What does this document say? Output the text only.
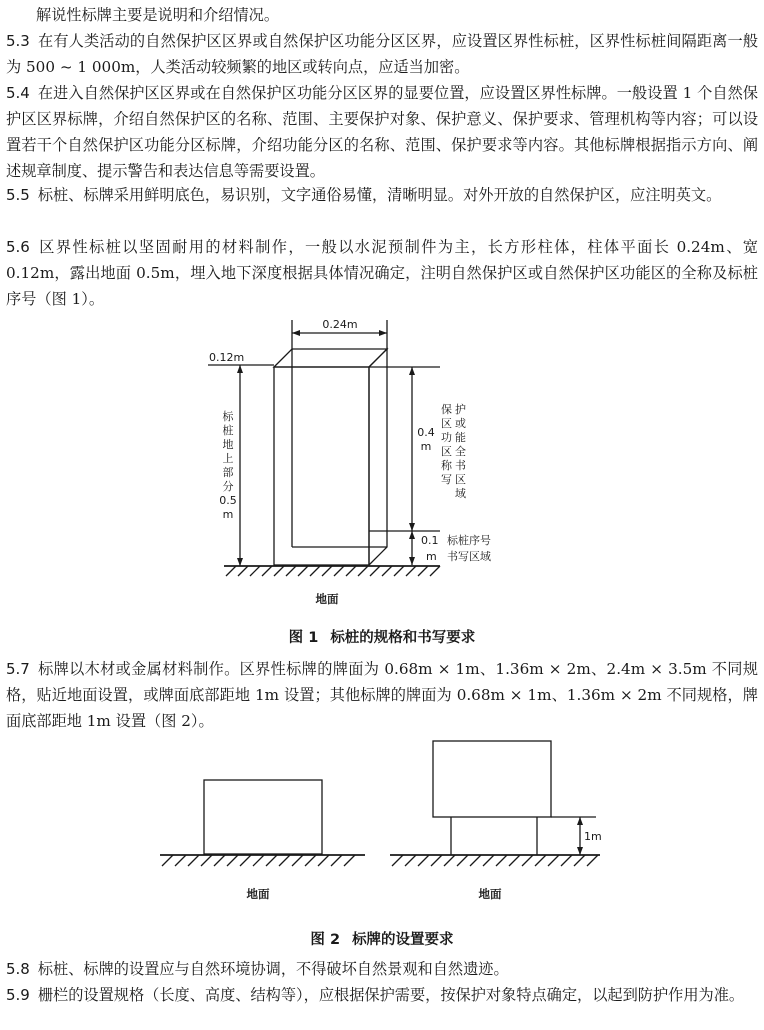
解说性标牌主要是说明和介绍情况。
5.3 在有人类活动的自然保护区区界或自然保护区功能分区区界，应设置区界性标桩，区界性标桩间隔距离一般为 500 ~ 1 000m，人类活动较频繁的地区或转向点，应适当加密。
5.4 在进入自然保护区区界或在自然保护区功能分区区界的显要位置，应设置区界性标牌。一般设置 1 个自然保护区区界标牌，介绍自然保护区的名称、范围、主要保护对象、保护意义、保护要求、管理机构等内容；可以设置若干个自然保护区功能分区标牌，介绍功能分区的名称、范围、保护要求等内容。其他标牌根据指示方向、阐述规章制度、提示警告和表达信息等需要设置。
5.5 标桩、标牌采用鲜明底色，易识别，文字通俗易懂，清晰明显。对外开放的自然保护区，应注明英文。
5.6 区界性标桩以坚固耐用的材料制作，一般以水泥预制件为主，长方形柱体，柱体平面长 0.24m、宽 0.12m，露出地面 0.5m，埋入地下深度根据具体情况确定，注明自然保护区或自然保护区功能区的全称及标桩序号（图 1）。
0.24m
0.12m
标
桩
地
上
部
分
0.5
m
0.4
m
保 护
区 或
功 能
区 全
称 书
写 区
域
0.1 标桩序号
m 书写区域
地面
图 1 标桩的规格和书写要求
5.7 标牌以木材或金属材料制作。区界性标牌的牌面为 0.68m × 1m、1.36m × 2m、2.4m × 3.5m 不同规格，贴近地面设置，或牌面底部距地 1m 设置；其他标牌的牌面为 0.68m × 1m、1.36m × 2m 不同规格，牌面底部距地 1m 设置（图 2）。
1m
地面	地面
图 2 标牌的设置要求
5.8 标桩、标牌的设置应与自然环境协调，不得破坏自然景观和自然遗迹。
5.9 栅栏的设置规格（长度、高度、结构等），应根据保护需要，按保护对象特点确定，以起到防护作用为准。
